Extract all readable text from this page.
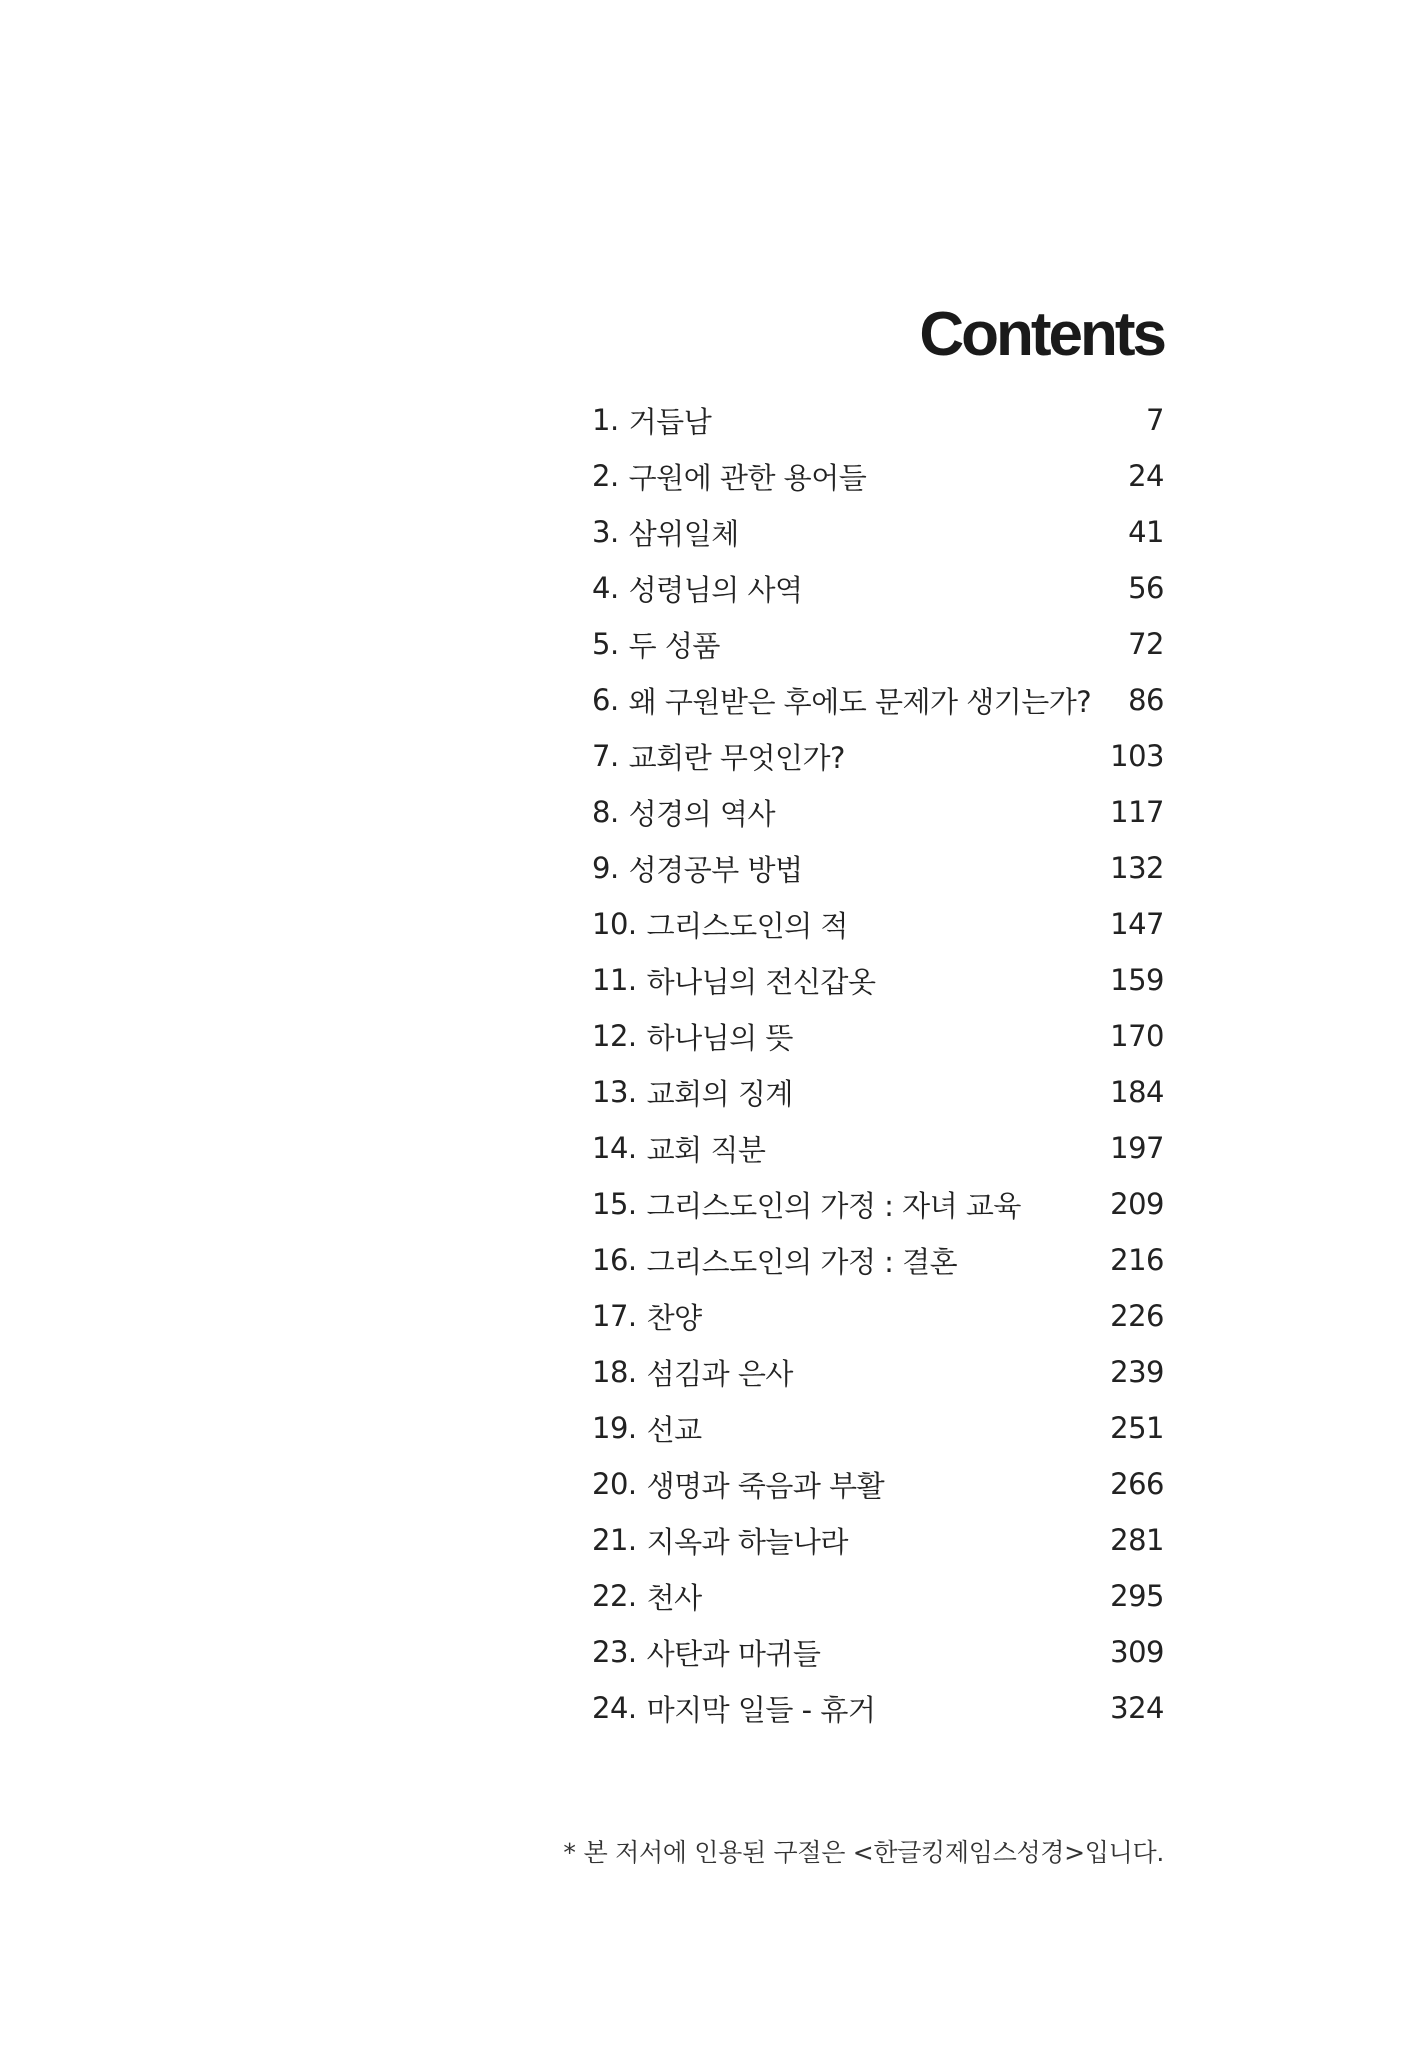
Contents
1. 거듭남	7
2. 구원에 관한 용어들	24
3. 삼위일체	41
4. 성령님의 사역	56
5. 두 성품	72
6. 왜 구원받은 후에도 문제가 생기는가? 86
7. 교회란 무엇인가?	103
8. 성경의 역사	117
9. 성경공부 방법	132
10. 그리스도인의 적	147
11. 하나님의 전신갑옷	159
12. 하나님의 뜻	170
13. 교회의 징계	184
14. 교회 직분	197
15. 그리스도인의 가정 : 자녀 교육	209
16. 그리스도인의 가정 : 결혼	216
17. 찬양	226
18. 섬김과 은사	239
19. 선교	251
20. 생명과 죽음과 부활	266
21. 지옥과 하늘나라	281
22. 천사	295
23. 사탄과 마귀들	309
24. 마지막 일들 - 휴거	324

* 본 저서에 인용된 구절은 <한글킹제임스성경>입니다.
